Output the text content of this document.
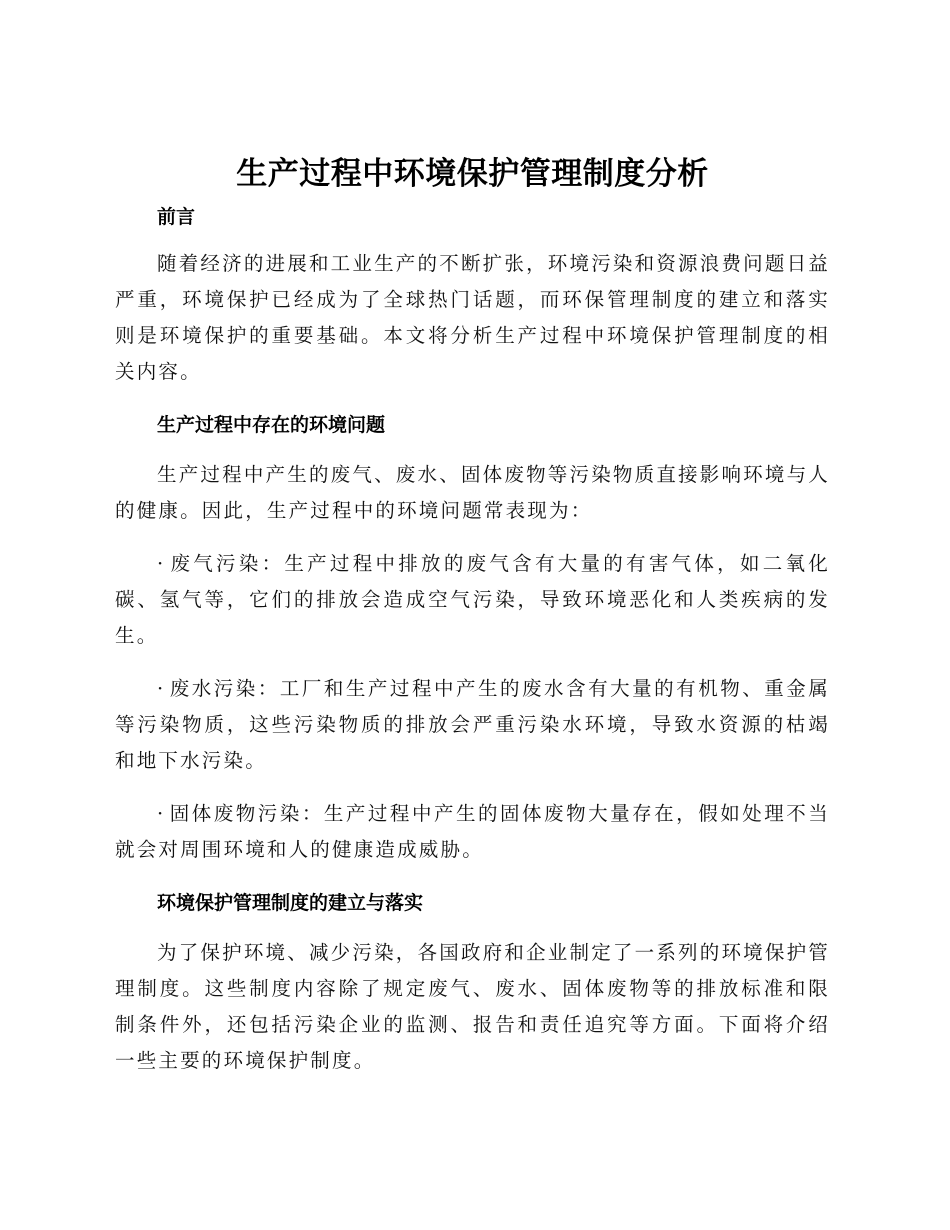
生产过程中环境保护管理制度分析
前言

随着经济的进展和工业生产的不断扩张，环境污染和资源浪费问题日益严重，环境保护已经成为了全球热门话题，而环保管理制度的建立和落实则是环境保护的重要基础。本文将分析生产过程中环境保护管理制度的相关内容。

生产过程中存在的环境问题

生产过程中产生的废气、废水、固体废物等污染物质直接影响环境与人的健康。因此，生产过程中的环境问题常表现为：

· 废气污染：生产过程中排放的废气含有大量的有害气体，如二氧化碳、氢气等，它们的排放会造成空气污染，导致环境恶化和人类疾病的发生。

· 废水污染：工厂和生产过程中产生的废水含有大量的有机物、重金属等污染物质，这些污染物质的排放会严重污染水环境，导致水资源的枯竭和地下水污染。

· 固体废物污染：生产过程中产生的固体废物大量存在，假如处理不当就会对周围环境和人的健康造成威胁。

环境保护管理制度的建立与落实

为了保护环境、减少污染，各国政府和企业制定了一系列的环境保护管理制度。这些制度内容除了规定废气、废水、固体废物等的排放标准和限制条件外，还包括污染企业的监测、报告和责任追究等方面。下面将介绍一些主要的环境保护制度。
